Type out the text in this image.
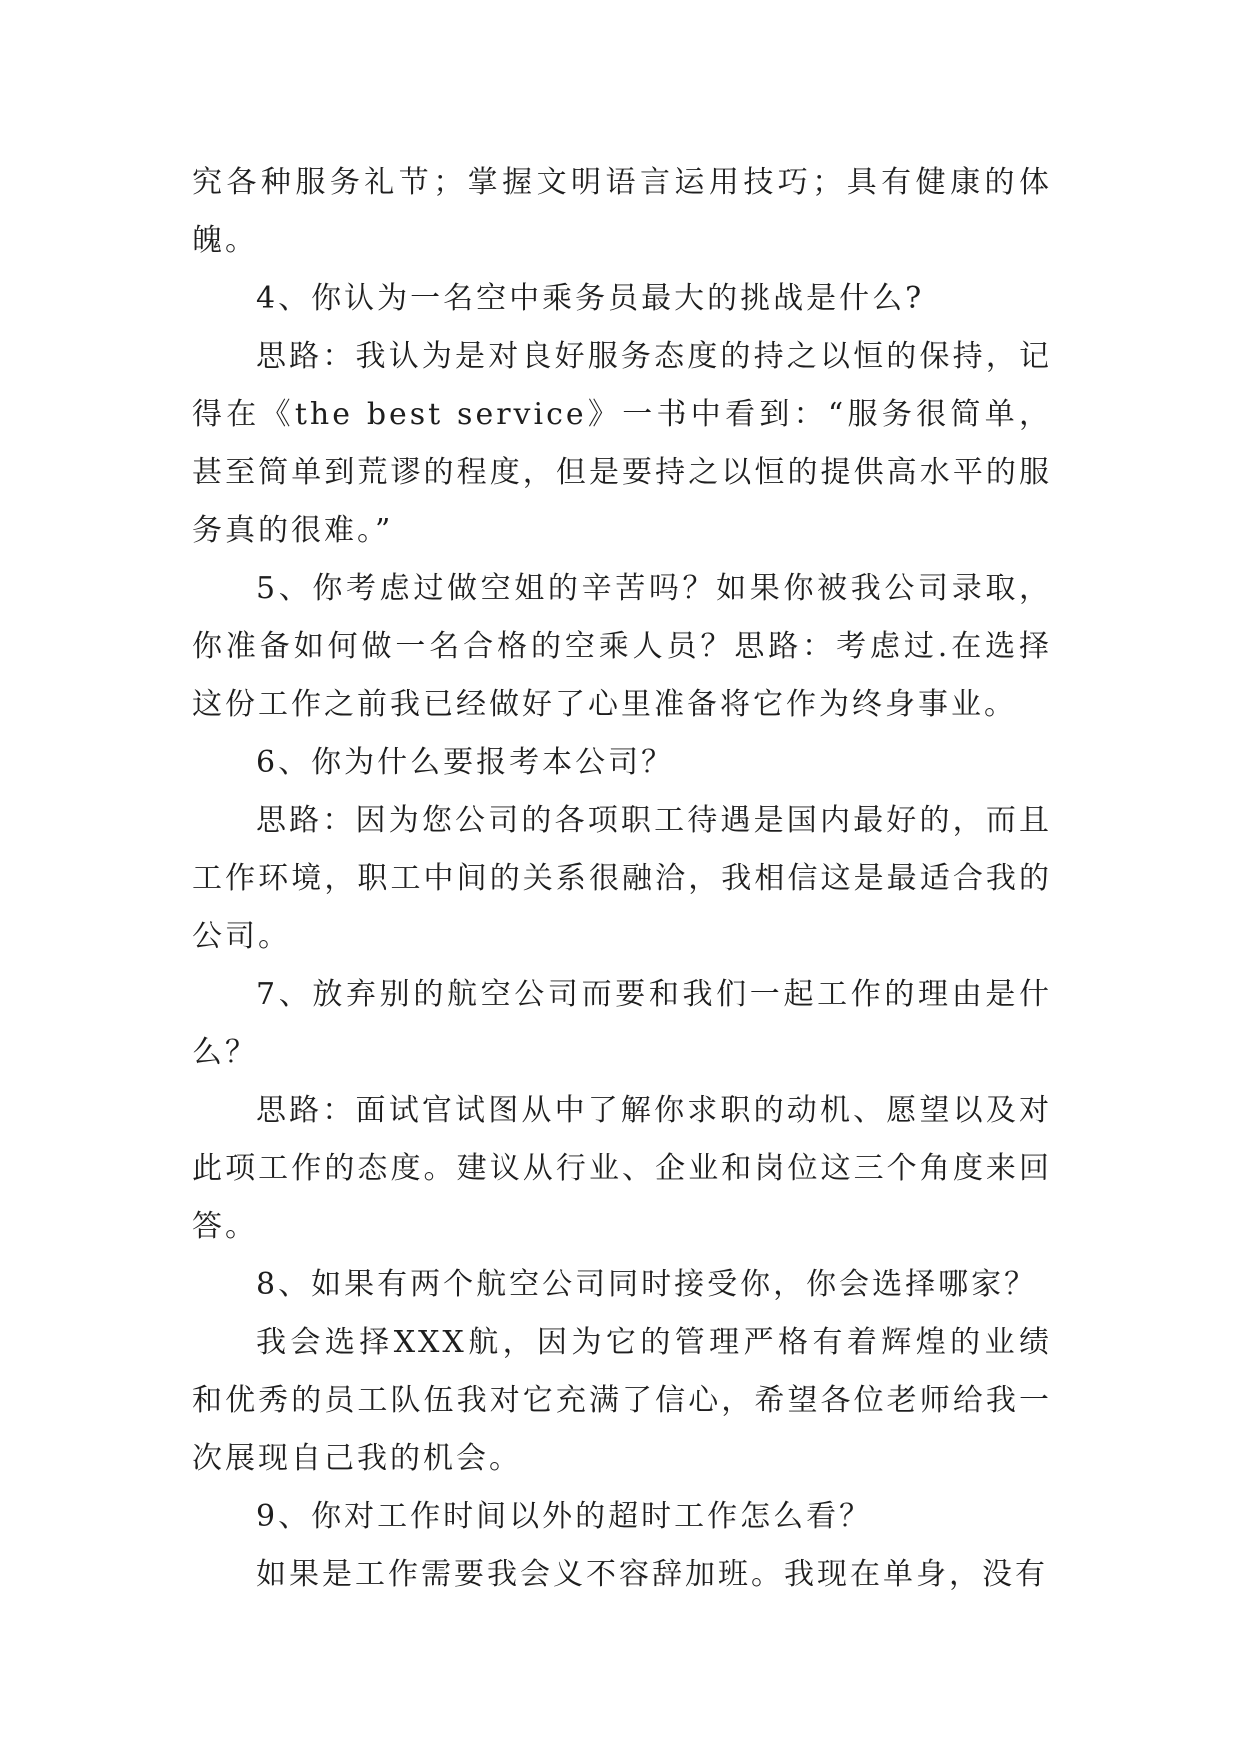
究各种服务礼节；掌握文明语言运用技巧；具有健康的体魄。

4、你认为一名空中乘务员最大的挑战是什么?

思路：我认为是对良好服务态度的持之以恒的保持，记得在《the best service》一书中看到：“服务很简单，甚至简单到荒谬的程度，但是要持之以恒的提供高水平的服务真的很难。”

5、你考虑过做空姐的辛苦吗？如果你被我公司录取，你准备如何做一名合格的空乘人员？思路：考虑过.在选择这份工作之前我已经做好了心里准备将它作为终身事业。

6、你为什么要报考本公司？

思路：因为您公司的各项职工待遇是国内最好的，而且工作环境，职工中间的关系很融洽，我相信这是最适合我的公司。

7、放弃别的航空公司而要和我们一起工作的理由是什么？

思路：面试官试图从中了解你求职的动机、愿望以及对此项工作的态度。建议从行业、企业和岗位这三个角度来回答。

8、如果有两个航空公司同时接受你，你会选择哪家？

我会选择XXX航，因为它的管理严格有着辉煌的业绩和优秀的员工队伍我对它充满了信心，希望各位老师给我一次展现自己我的机会。

9、你对工作时间以外的超时工作怎么看？

如果是工作需要我会义不容辞加班。我现在单身，没有
